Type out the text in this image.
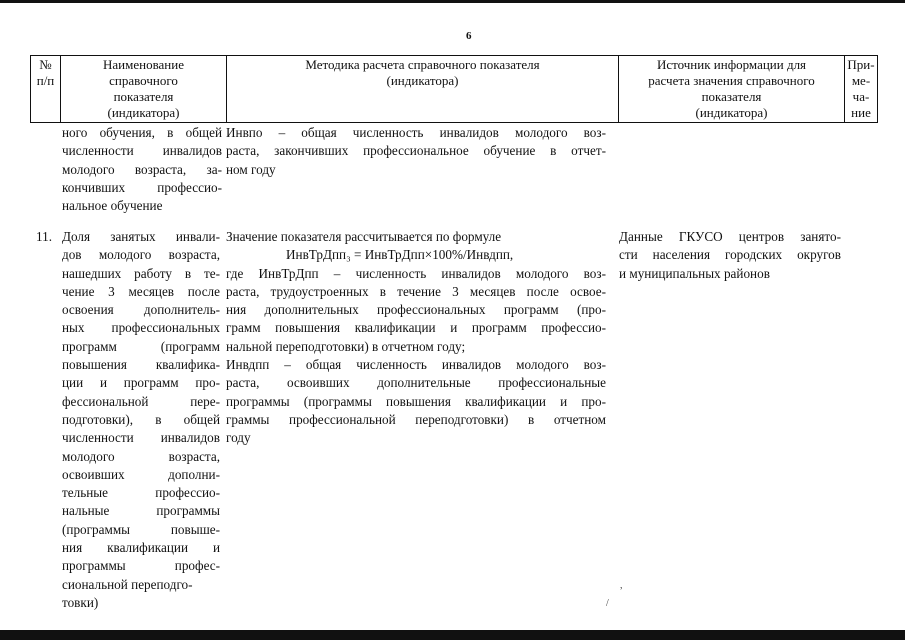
6
№
п/п
Наименование
справочного
показателя
(индикатора)
Методика расчета справочного показателя
(индикатора)
Источник информации для
расчета значения справочного
показателя
(индикатора)
При-
ме-
ча-
ние
ного обучения, в общей
численности инвалидов
молодого возраста, за-
кончивших профессио-
нальное обучение
Инвпо – общая численность инвалидов молодого воз-
раста, закончивших профессиональное обучение в отчет-
ном году
11. Доля занятых инвали-
дов молодого возраста,
нашедших работу в те-
чение 3 месяцев после
освоения дополнитель-
ных профессиональных
программ (программ
повышения квалифика-
ции и программ про-
фессиональной пере-
подготовки), в общей
численности инвалидов
молодого возраста,
освоивших дополни-
тельные профессио-
нальные программы
(программы повыше-
ния квалификации и
программы профес-
сиональной переподго-
товки)
Значение показателя рассчитывается по формуле
ИнвТрДпп₃ = ИнвТрДпп×100%/Инвдпп,
где ИнвТрДпп – численность инвалидов молодого воз-
раста, трудоустроенных в течение 3 месяцев после освое-
ния дополнительных профессиональных программ (про-
грамм повышения квалификации и программ профессио-
нальной переподготовки) в отчетном году;
Инвдпп – общая численность инвалидов молодого воз-
раста, освоивших дополнительные профессиональные
программы (программы повышения квалификации и про-
граммы профессиональной переподготовки) в отчетном
году
Данные ГКУСО центров занято-
сти населения городских округов
и муниципальных районов
,
/
